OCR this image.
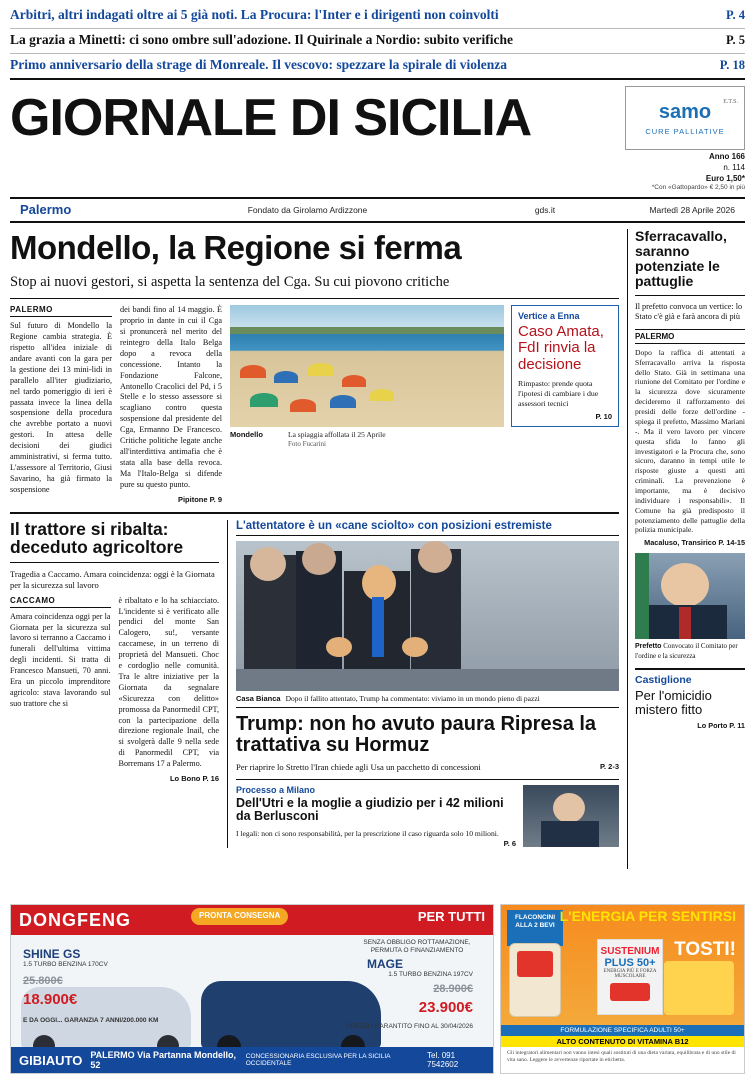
Arbitri, altri indagati oltre ai 5 già noti. La Procura: l'Inter e i dirigenti non coinvolti	P. 4
La grazia a Minetti: ci sono ombre sull'adozione. Il Quirinale a Nordio: subito verifiche	P. 5
Primo anniversario della strage di Monreale. Il vescovo: spezzare la spirale di violenza	P. 18
GIORNALE DI SICILIA	samo
CURE PALLIATIVE
E.T.S.
Anno 166
n. 114
Euro 1,50*
*Con «Gattopardo» € 2,50 in più
Palermo	Fondato da Girolamo Ardizzone	gds.it	Martedì 28 Aprile 2026
Mondello, la Regione si ferma
Stop ai nuovi gestori, si aspetta la sentenza del Cga. Su cui piovono critiche
PALERMO
Sul futuro di Mondello la Regione cambia strategia. È rispetto all'idea iniziale di andare avanti con la gara per la gestione dei 13 mini-lidi in parallelo all'iter giudiziario, nel tardo pomeriggio di ieri è passata invece la linea della sospensione della procedura che avrebbe portato a nuovi gestori. In attesa delle decisioni dei giudici amministrativi, si ferma tutto. L'assessore al Territorio, Giusi Savarino, ha già firmato la sospensione
dei bandi fino al 14 maggio. È proprio in dante in cui il Cga si pronuncerà nel merito del reintegro della Italo Belga dopo a revoca della concessione. Intanto la Fondazione Falcone, Antonello Cracolici del Pd, i 5 Stelle e lo stesso assessore si scagliano contro questa sospensione dal presidente del Cga, Ermanno De Francesco. Critiche politiche legate anche all'interdittiva antimafia che è stata alla base della revoca. Ma l'Italo-Belga si difende pure su questo punto.
Pipitone P. 9
Mondello	La spiaggia affollata il 25 Aprile
Foto Fucarini
Vertice a Enna
Caso Amata, FdI rinvia la decisione
Rimpasto: prende quota l'ipotesi di cambiare i due assessori tecnici
P. 10
Il trattore si ribalta: deceduto agricoltore
Tragedia a Caccamo. Amara coincidenza: oggi è la Giornata per la sicurezza sul lavoro
CACCAMO
Amara coincidenza oggi per la Giornata per la sicurezza sul lavoro si terranno a Caccamo i funerali dell'ultima vittima degli incidenti. Si tratta di Francesco Mansueti, 70 anni. Era un piccolo imprenditore agricolo: stava lavorando sul suo trattore che si
è ribaltato e lo ha schiacciato. L'incidente si è verificato alle pendici del monte San Calogero, su!, versante caccamese, in un terreno di proprietà del Mansueti. Choc e cordoglio nelle comunità. Tra le altre iniziative per la Giornata da segnalare «Sicurezza con delitto» promossa da Panormedil CPT, con la partecipazione della direzione regionale Inail, che si svolgerà dalle 9 nella sede di Panormedil CPT, via Borremans 17 a Palermo.
Lo Bono P. 16
L'attentatore è un «cane sciolto» con posizioni estremiste
Casa Bianca Dopo il fallito attentato, Trump ha commentato: viviamo in un mondo pieno di pazzi
Trump: non ho avuto paura Ripresa la trattativa su Hormuz
Per riaprire lo Stretto l'Iran chiede agli Usa un pacchetto di concessioni	P. 2-3
Processo a Milano
Dell'Utri e la moglie a giudizio per i 42 milioni da Berlusconi
I legali: non ci sono responsabilità, per la prescrizione il caso riguarda solo 10 milioni.
P. 6
Sferracavallo, saranno potenziate le pattuglie
Il prefetto convoca un vertice: lo Stato c'è già e farà ancora di più
PALERMO
Dopo la raffica di attentati a Sferracavallo arriva la risposta dello Stato. Già in settimana una riunione del Comitato per l'ordine e la sicurezza dove sicuramente decideremo il rafforzamento dei presidi delle forze dell'ordine - spiega il prefetto, Massimo Mariani -. Ma il vero lavoro per vincere questa sfida lo fanno gli investigatori e la Procura che, sono sicuro, daranno in tempi utile le risposte giuste a questi atti criminali. La prevenzione è importante, ma è decisivo individuare i responsabili». Il Comune ha già predisposto il potenziamento delle pattuglie della polizia municipale.
Macaluso, Transirico P. 14-15
Prefetto Convocato il Comitato per l'ordine e la sicurezza
Castiglione
Per l'omicidio mistero fitto
Lo Porto P. 11
DONGFENG	PRONTA CONSEGNA	PER TUTTI
SHINE GS
1.5 TURBO BENZINA 170CV
25.800€
18.900€
E DA OGGI... GARANZIA 7 ANNI/200.000 KM
SENZA OBBLIGO ROTTAMAZIONE, PERMUTA O FINANZIAMENTO
MAGE
1.5 TURBO BENZINA 197CV
28.900€
23.900€
PREZZO GARANTITO FINO AL 30/04/2026
GIBIAUTO PALERMO Via Partanna Mondello, 52
CONCESSIONARIA ESCLUSIVA PER LA SICILIA OCCIDENTALE
Tel. 091 7542602
FLACONCINI ALLA 2 BEVI
L'ENERGIA PER SENTIRSI
TOSTI!
SUSTENIUM
PLUS 50+
ENERGIA PIÙ E FORZA MUSCOLARE
FORMULAZIONE SPECIFICA ADULTI 50+
ALTO CONTENUTO DI VITAMINA B12
Gli integratori alimentari non vanno intesi quali sostituti di una dieta variata, equilibrata e di uno stile di vita sano. Leggere le avvertenze riportate in etichetta.
